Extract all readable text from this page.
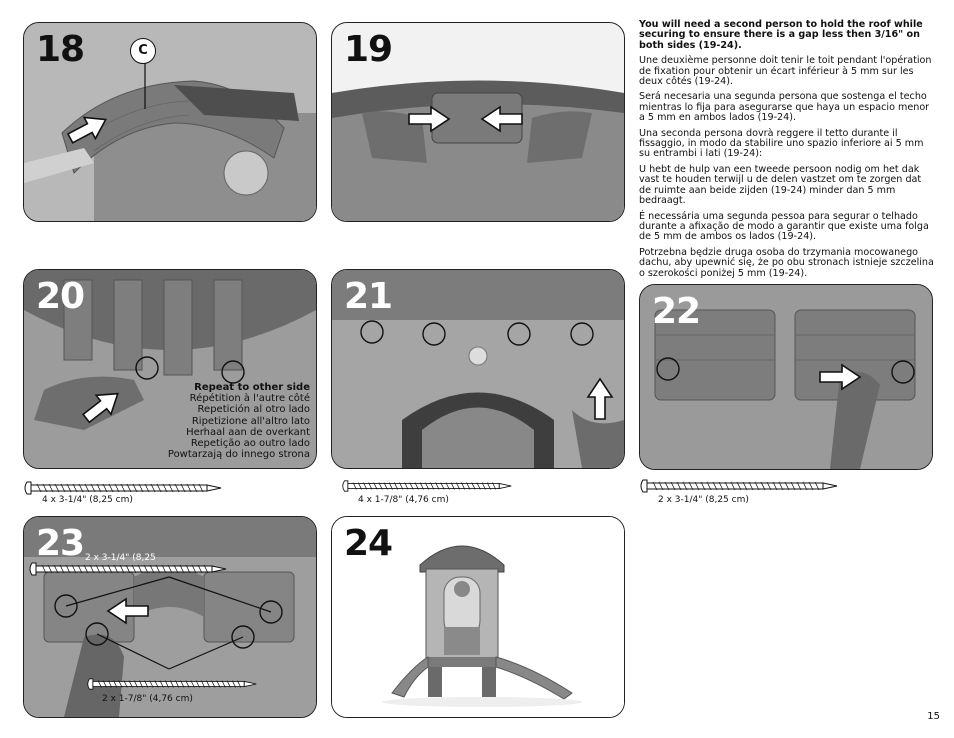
18	C	19

You will need a second person to hold the roof while securing to ensure there is a gap less then 3/16" on both sides (19-24).

Une deuxième personne doit tenir le toit pendant l'opération de fixation pour obtenir un écart inférieur à 5 mm sur les deux côtés (19-24).

Será necesaria una segunda persona que sostenga el techo mientras lo fija para asegurarse que haya un espacio menor a 5 mm en ambos lados (19-24).

Una seconda persona dovrà reggere il tetto durante il fissaggio, in modo da stabilire uno spazio inferiore ai 5 mm su entrambi i lati (19-24):

U hebt de hulp van een tweede persoon nodig om het dak vast te houden terwijl u de delen vastzet om te zorgen dat de ruimte aan beide zijden (19-24) minder dan 5 mm bedraagt.

É necessária uma segunda pessoa para segurar o telhado durante a afixação de modo a garantir que existe uma folga de 5 mm de ambos os lados (19-24).

Potrzebna będzie druga osoba do trzymania mocowanego dachu, aby upewnić się, że po obu stronach istnieje szczelina o szerokości poniżej 5 mm (19-24).

20
Repeat to other side
Répétition à l'autre côté
Repetición al otro lado
Ripetizione all'altro lato
Herhaal aan de overkant
Repetição ao outro lado
Powtarzają do innego strona
4 x 3-1/4" (8,25 cm)
21
4 x 1-7/8" (4,76 cm)
22
2 x 3-1/4" (8,25 cm)
23 2 x 3-1/4" (8,25
2 x 1-7/8" (4,76 cm)
24
15
